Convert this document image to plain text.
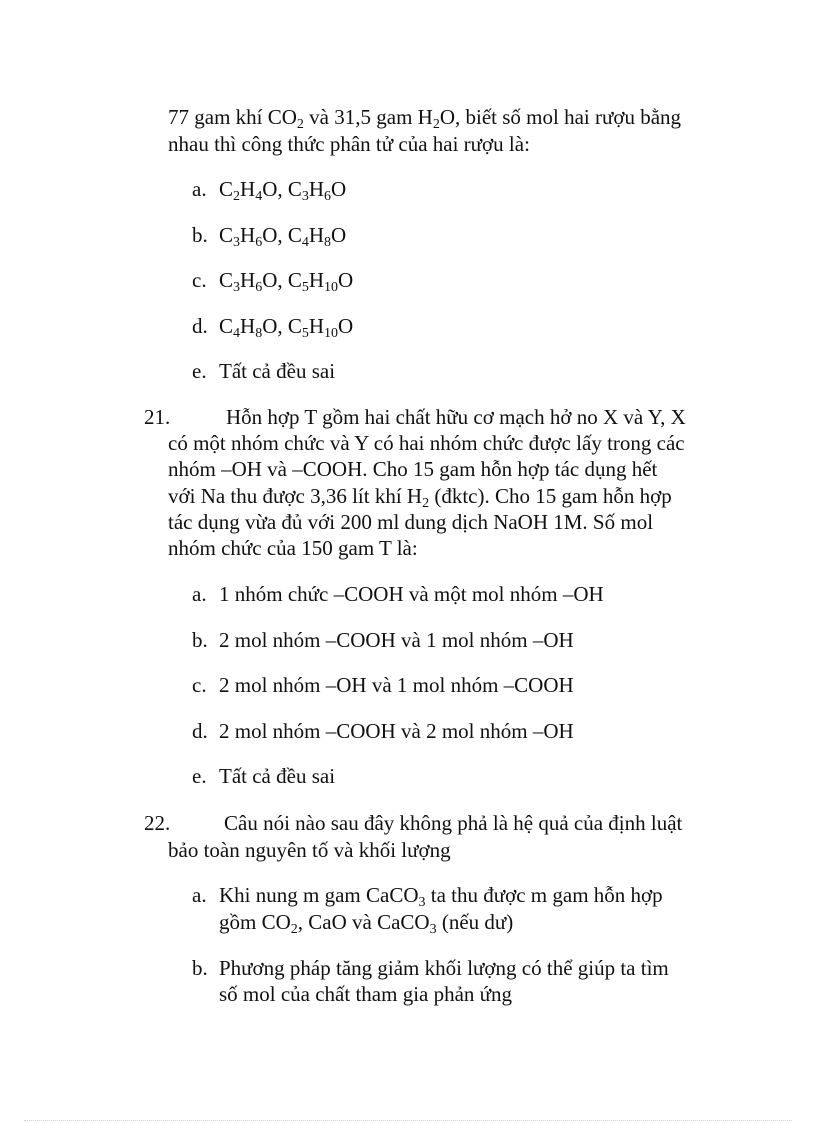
77 gam khí $CO_2$ và 31,5 gam $H_2O$, biết số mol hai rượu bằng
nhau thì công thức phân tử của hai rượu là:
a. $C_2H_4O$, $C_3H_6O$
b. $C_3H_6O$, $C_4H_8O$
c. $C_3H_6O$, $C_5H_{10}O$
d. $C_4H_8O$, $C_5H_{10}O$
e. Tất cả đều sai
21.	Hỗn hợp T gồm hai chất hữu cơ mạch hở no X và Y, X
có một nhóm chức và Y có hai nhóm chức được lấy trong các
nhóm –OH và –COOH. Cho 15 gam hỗn hợp tác dụng hết
với Na thu được 3,36 lít khí $H_2$ (đktc). Cho 15 gam hỗn hợp
tác dụng vừa đủ với 200 ml dung dịch NaOH 1M. Số mol
nhóm chức của 150 gam T là:
a. 1 nhóm chức –COOH và một mol nhóm –OH
b. 2 mol nhóm –COOH và 1 mol nhóm –OH
c. 2 mol nhóm –OH và 1 mol nhóm –COOH
d. 2 mol nhóm –COOH và 2 mol nhóm –OH
e. Tất cả đều sai
22.	Câu nói nào sau đây không phả là hệ quả của định luật
bảo toàn nguyên tố và khối lượng
a. Khi nung m gam CaCO$_3$ ta thu được m gam hỗn hợp
gồm $CO_2$, CaO và CaCO$_3$ (nếu dư)
b. Phương pháp tăng giảm khối lượng có thể giúp ta tìm
số mol của chất tham gia phản ứng
